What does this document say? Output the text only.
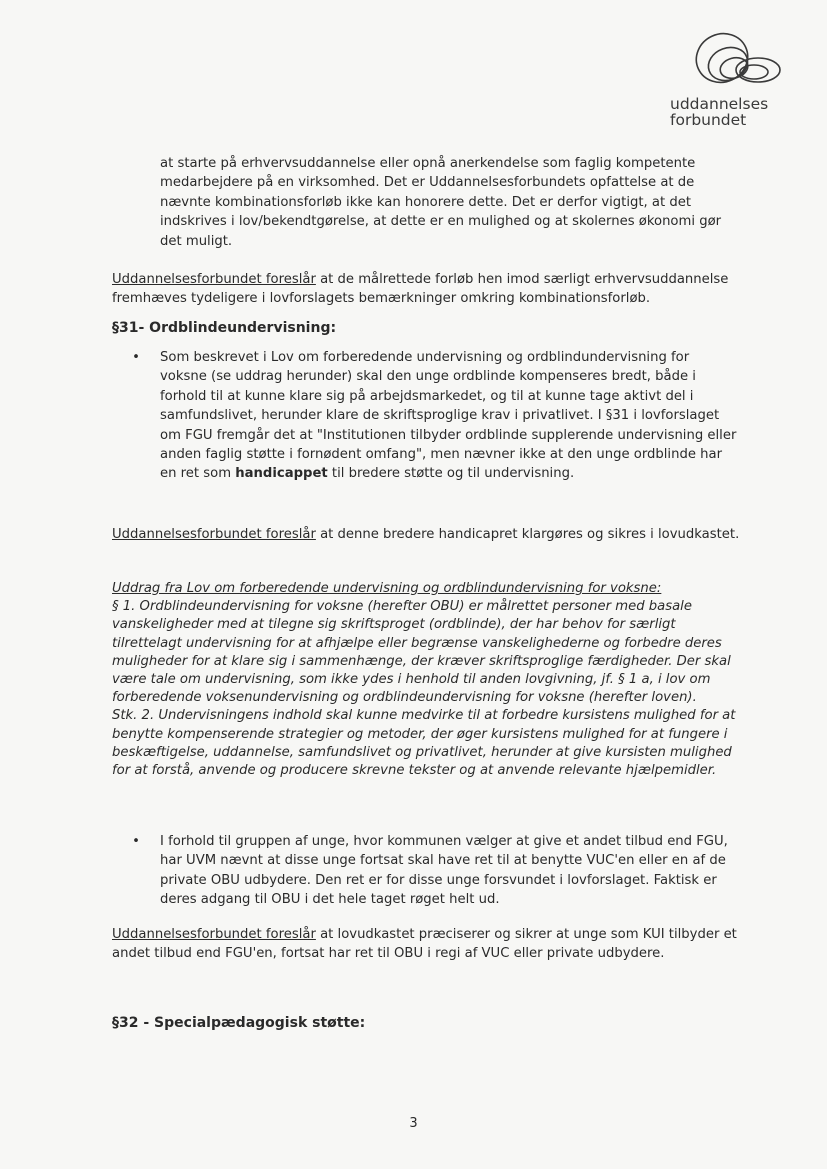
uddannelses
forbundet
at starte på erhvervsuddannelse eller opnå anerkendelse som faglig kompetente medarbejdere på en virksomhed. Det er Uddannelsesforbundets opfattelse at de nævnte kombinationsforløb ikke kan honorere dette. Det er derfor vigtigt, at det indskrives i lov/bekendtgørelse, at dette er en mulighed og at skolernes økonomi gør det muligt.
Uddannelsesforbundet foreslår at de målrettede forløb hen imod særligt erhvervsuddannelse fremhæves tydeligere i lovforslagets bemærkninger omkring kombinationsforløb.
§31- Ordblindeundervisning:
•	Som beskrevet i Lov om forberedende undervisning og ordblindundervisning for voksne (se uddrag herunder) skal den unge ordblinde kompenseres bredt, både i forhold til at kunne klare sig på arbejdsmarkedet, og til at kunne tage aktivt del i samfundslivet, herunder klare de skriftsproglige krav i privatlivet. I §31 i lovforslaget om FGU fremgår det at "Institutionen tilbyder ordblinde supplerende undervisning eller anden faglig støtte i fornødent omfang", men nævner ikke at den unge ordblinde har en ret som handicappet til bredere støtte og til undervisning.
Uddannelsesforbundet foreslår at denne bredere handicapret klargøres og sikres i lovudkastet.
Uddrag fra Lov om forberedende undervisning og ordblindundervisning for voksne:
§ 1. Ordblindeundervisning for voksne (herefter OBU) er målrettet personer med basale vanskeligheder med at tilegne sig skriftsproget (ordblinde), der har behov for særligt tilrettelagt undervisning for at afhjælpe eller begrænse vanskelighederne og forbedre deres muligheder for at klare sig i sammenhænge, der kræver skriftsproglige færdigheder. Der skal være tale om undervisning, som ikke ydes i henhold til anden lovgivning, jf. § 1 a, i lov om forberedende voksenundervisning og ordblindeundervisning for voksne (herefter loven).
Stk. 2. Undervisningens indhold skal kunne medvirke til at forbedre kursistens mulighed for at benytte kompenserende strategier og metoder, der øger kursistens mulighed for at fungere i beskæftigelse, uddannelse, samfundslivet og privatlivet, herunder at give kursisten mulighed for at forstå, anvende og producere skrevne tekster og at anvende relevante hjælpemidler.
•	I forhold til gruppen af unge, hvor kommunen vælger at give et andet tilbud end FGU, har UVM nævnt at disse unge fortsat skal have ret til at benytte VUC'en eller en af de private OBU udbydere. Den ret er for disse unge forsvundet i lovforslaget. Faktisk er deres adgang til OBU i det hele taget røget helt ud.
Uddannelsesforbundet foreslår at lovudkastet præciserer og sikrer at unge som KUI tilbyder et andet tilbud end FGU'en, fortsat har ret til OBU i regi af VUC eller private udbydere.
§32 - Specialpædagogisk støtte:
3
